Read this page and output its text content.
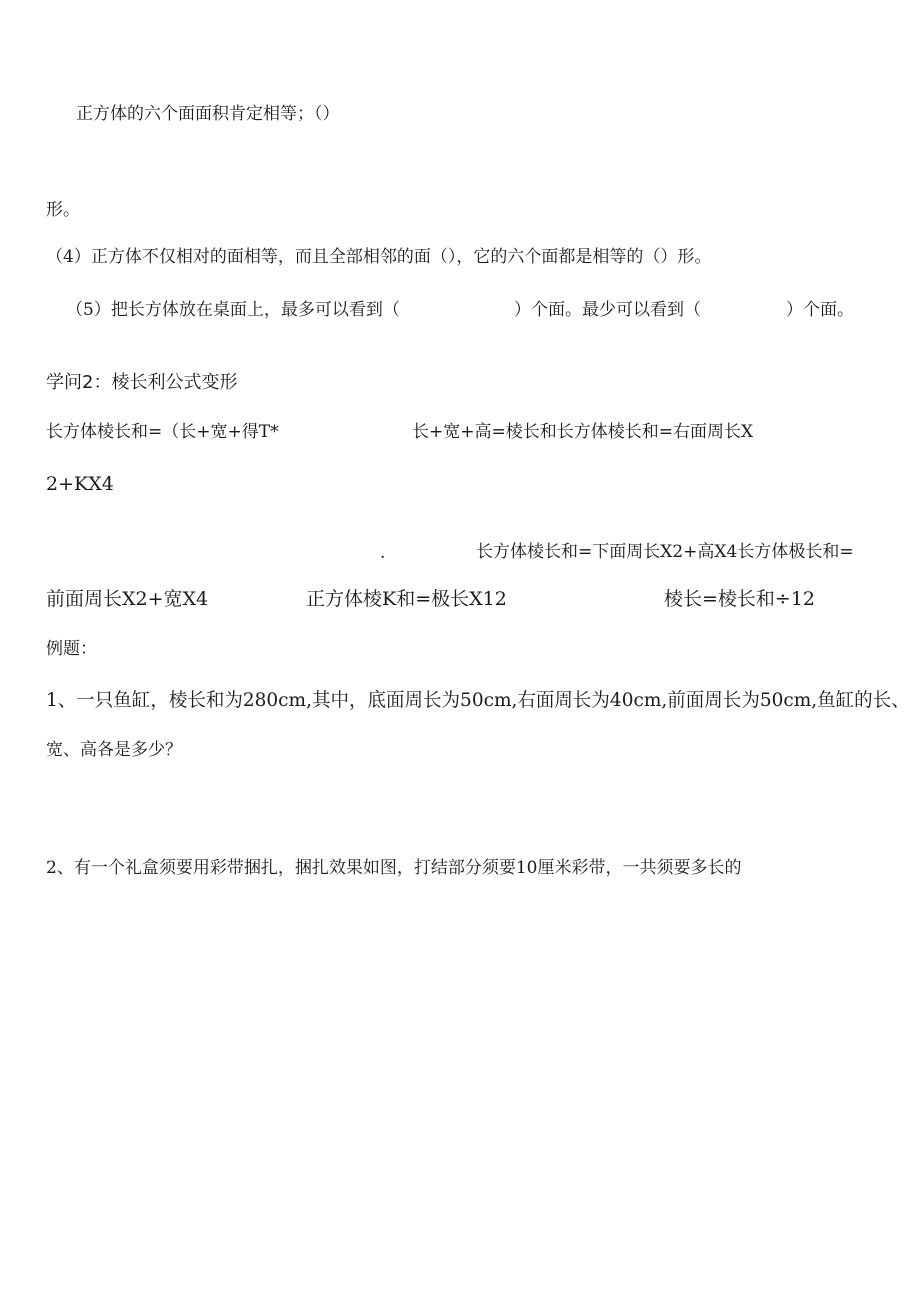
正方体的六个面面积肯定相等；（）
形。
（4）正方体不仅相对的面相等，而且全部相邻的面（），它的六个面都是相等的（）形。
（5）把长方体放在桌面上，最多可以看到（	）个面。最少可以看到（	）个面。
学问2：棱长利公式变形
长方体棱长和=（长+宽+得T*	长+宽+高=棱长和长方体棱长和=右面周长X
2+KX4
.	长方体棱长和=下面周长X2+高X4长方体极长和=
前面周长X2+宽X4	正方体棱K和=极长X12	棱长=棱长和÷12
例题：
1、一只鱼缸，棱长和为280cm,其中，底面周长为50cm,右面周长为40cm,前面周长为50cm,鱼缸的长、
宽、高各是多少？
2、有一个礼盒须要用彩带捆扎，捆扎效果如图，打结部分须要10厘米彩带，一共须要多长的
